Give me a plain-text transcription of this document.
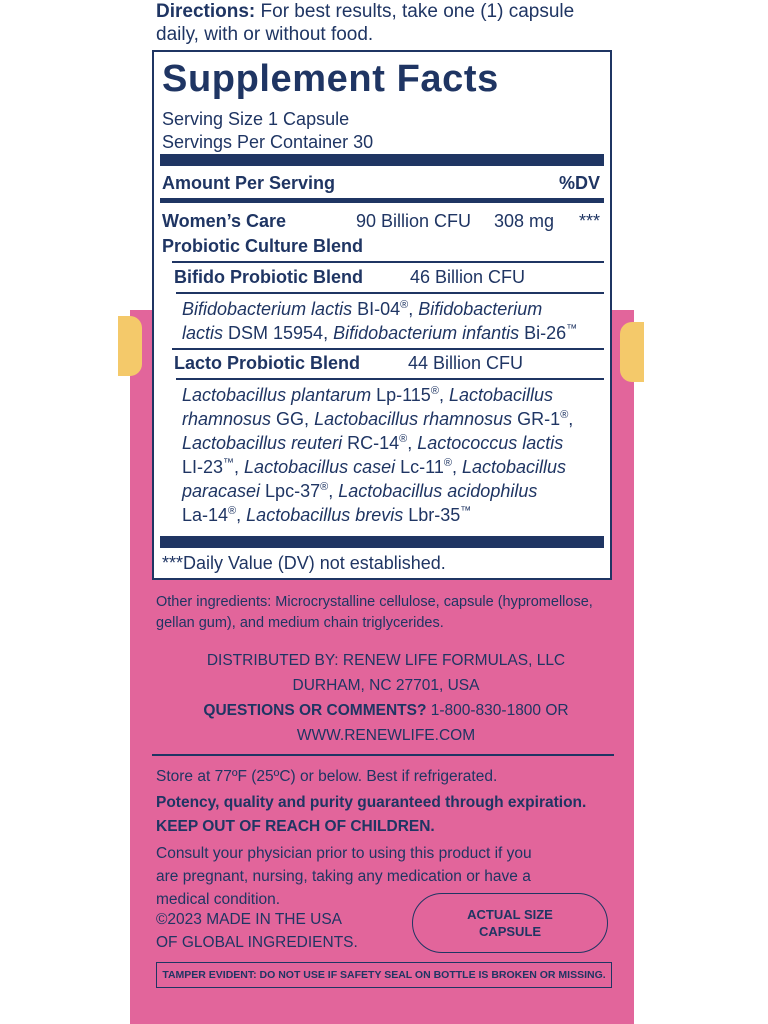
Directions: For best results, take one (1) capsule daily, with or without food.
Supplement Facts
Serving Size 1 Capsule
Servings Per Container 30
Amount Per Serving	%DV
Women’s Care
Probiotic Culture Blend
90 Billion CFU 308 mg ***
Bifido Probiotic Blend	46 Billion CFU
Bifidobacterium lactis BI-04®, Bifidobacterium
lactis DSM 15954, Bifidobacterium infantis Bi-26™
Lacto Probiotic Blend	44 Billion CFU
Lactobacillus plantarum Lp-115®, Lactobacillus
rhamnosus GG, Lactobacillus rhamnosus GR-1®,
Lactobacillus reuteri RC-14®, Lactococcus lactis
LI-23™, Lactobacillus casei Lc-11®, Lactobacillus
paracasei Lpc-37®, Lactobacillus acidophilus
La-14®, Lactobacillus brevis Lbr-35™
***Daily Value (DV) not established.
Other ingredients: Microcrystalline cellulose, capsule (hypromellose,
gellan gum), and medium chain triglycerides.
DISTRIBUTED BY: RENEW LIFE FORMULAS, LLC
DURHAM, NC 27701, USA
QUESTIONS OR COMMENTS? 1-800-830-1800 OR
WWW.RENEWLIFE.COM
Store at 77ºF (25ºC) or below. Best if refrigerated.
Potency, quality and purity guaranteed through expiration.
KEEP OUT OF REACH OF CHILDREN.
Consult your physician prior to using this product if you
are pregnant, nursing, taking any medication or have a
medical condition.
©2023 MADE IN THE USA
OF GLOBAL INGREDIENTS.
ACTUAL SIZE
CAPSULE
TAMPER EVIDENT: DO NOT USE IF SAFETY SEAL ON BOTTLE IS BROKEN OR MISSING.
